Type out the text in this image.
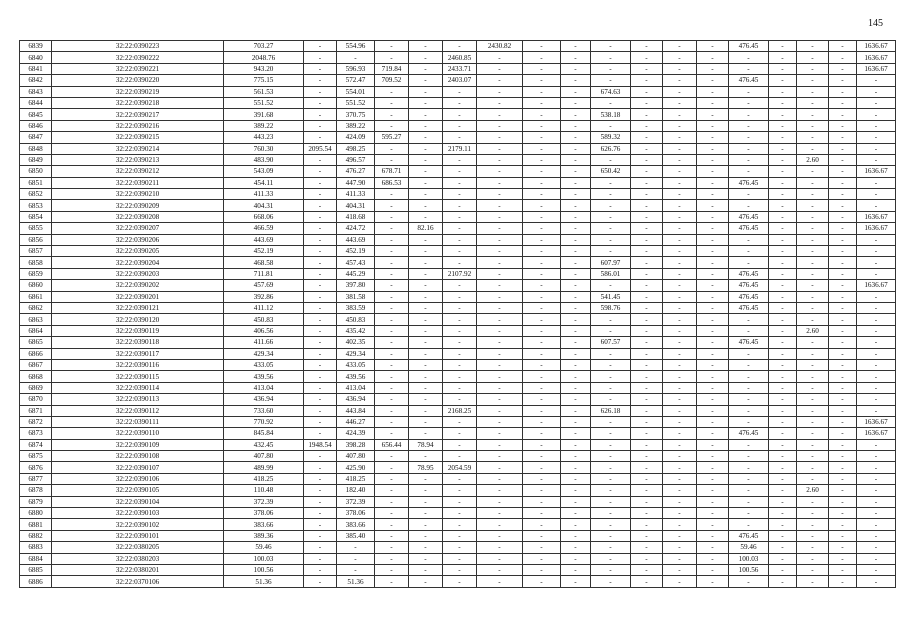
145
6839	32:22:0390223	703.27	-	554.96	-	-	-	2430.82	-	-	-	-	-	-	476.45	-	-	-	1636.67
6840	32:22:0390222	2048.76	-	-	-	-	2460.85	-	-	-	-	-	-	-	-	-	-	-	1636.67
6841	32:22:0390221	943.20	-	596.93	719.84	-	2433.71	-	-	-	-	-	-	-	-	-	-	-	1636.67
6842	32:22:0390220	775.15	-	572.47	709.52	-	2403.07	-	-	-	-	-	-	-	476.45	-	-	-	-
6843	32:22:0390219	561.53	-	554.01	-	-	-	-	-	-	674.63	-	-	-	-	-	-	-	-
6844	32:22:0390218	551.52	-	551.52	-	-	-	-	-	-	-	-	-	-	-	-	-	-	-
6845	32:22:0390217	391.68	-	370.75	-	-	-	-	-	-	538.18	-	-	-	-	-	-	-	-
6846	32:22:0390216	389.22	-	389.22	-	-	-	-	-	-	-	-	-	-	-	-	-	-	-
6847	32:22:0390215	443.23	-	424.09	595.27	-	-	-	-	-	589.32	-	-	-	-	-	-	-	-
6848	32:22:0390214	760.30	2095.54	498.25	-	-	2179.11	-	-	-	626.76	-	-	-	-	-	-	-	-
6849	32:22:0390213	483.90	-	496.57	-	-	-	-	-	-	-	-	-	-	-	-	2.60	-	-
6850	32:22:0390212	543.09	-	476.27	678.71	-	-	-	-	-	650.42	-	-	-	-	-	-	-	1636.67
6851	32:22:0390211	454.11	-	447.90	686.53	-	-	-	-	-	-	-	-	-	476.45	-	-	-	-
6852	32:22:0390210	411.33	-	411.33	-	-	-	-	-	-	-	-	-	-	-	-	-	-	-
6853	32:22:0390209	404.31	-	404.31	-	-	-	-	-	-	-	-	-	-	-	-	-	-	-
6854	32:22:0390208	668.06	-	418.68	-	-	-	-	-	-	-	-	-	-	476.45	-	-	-	1636.67
6855	32:22:0390207	466.59	-	424.72	-	82.16	-	-	-	-	-	-	-	-	476.45	-	-	-	1636.67
6856	32:22:0390206	443.69	-	443.69	-	-	-	-	-	-	-	-	-	-	-	-	-	-	-
6857	32:22:0390205	452.19	-	452.19	-	-	-	-	-	-	-	-	-	-	-	-	-	-	-
6858	32:22:0390204	468.58	-	457.43	-	-	-	-	-	-	607.97	-	-	-	-	-	-	-	-
6859	32:22:0390203	711.81	-	445.29	-	-	2107.92	-	-	-	586.01	-	-	-	476.45	-	-	-	-
6860	32:22:0390202	457.69	-	397.80	-	-	-	-	-	-	-	-	-	-	476.45	-	-	-	1636.67
6861	32:22:0390201	392.86	-	381.58	-	-	-	-	-	-	541.45	-	-	-	476.45	-	-	-	-
6862	32:22:0390121	411.12	-	383.59	-	-	-	-	-	-	598.76	-	-	-	476.45	-	-	-	-
6863	32:22:0390120	450.83	-	450.83	-	-	-	-	-	-	-	-	-	-	-	-	-	-	-
6864	32:22:0390119	406.56	-	435.42	-	-	-	-	-	-	-	-	-	-	-	-	2.60	-	-
6865	32:22:0390118	411.66	-	402.35	-	-	-	-	-	-	607.57	-	-	-	476.45	-	-	-	-
6866	32:22:0390117	429.34	-	429.34	-	-	-	-	-	-	-	-	-	-	-	-	-	-	-
6867	32:22:0390116	433.05	-	433.05	-	-	-	-	-	-	-	-	-	-	-	-	-	-	-
6868	32:22:0390115	439.56	-	439.56	-	-	-	-	-	-	-	-	-	-	-	-	-	-	-
6869	32:22:0390114	413.04	-	413.04	-	-	-	-	-	-	-	-	-	-	-	-	-	-	-
6870	32:22:0390113	436.94	-	436.94	-	-	-	-	-	-	-	-	-	-	-	-	-	-	-
6871	32:22:0390112	733.60	-	443.84	-	-	2168.25	-	-	-	626.18	-	-	-	-	-	-	-	-
6872	32:22:0390111	770.92	-	446.27	-	-	-	-	-	-	-	-	-	-	-	-	-	-	1636.67
6873	32:22:0390110	845.84	-	424.39	-	-	-	-	-	-	-	-	-	-	476.45	-	-	-	1636.67
6874	32:22:0390109	432.45	1948.54	398.28	656.44	78.94	-	-	-	-	-	-	-	-	-	-	-	-	-
6875	32:22:0390108	407.80	-	407.80	-	-	-	-	-	-	-	-	-	-	-	-	-	-	-
6876	32:22:0390107	489.99	-	425.90	-	78.95	2054.59	-	-	-	-	-	-	-	-	-	-	-	-
6877	32:22:0390106	418.25	-	418.25	-	-	-	-	-	-	-	-	-	-	-	-	-	-	-
6878	32:22:0390105	110.48	-	182.40	-	-	-	-	-	-	-	-	-	-	-	-	2.60	-	-
6879	32:22:0390104	372.39	-	372.39	-	-	-	-	-	-	-	-	-	-	-	-	-	-	-
6880	32:22:0390103	378.06	-	378.06	-	-	-	-	-	-	-	-	-	-	-	-	-	-	-
6881	32:22:0390102	383.66	-	383.66	-	-	-	-	-	-	-	-	-	-	-	-	-	-	-
6882	32:22:0390101	389.36	-	385.40	-	-	-	-	-	-	-	-	-	-	476.45	-	-	-	-
6883	32:22:0380205	59.46	-	-	-	-	-	-	-	-	-	-	-	-	59.46	-	-	-	-
6884	32:22:0380203	100.03	-	-	-	-	-	-	-	-	-	-	-	-	100.03	-	-	-	-
6885	32:22:0380201	100.56	-	-	-	-	-	-	-	-	-	-	-	-	100.56	-	-	-	-
6886	32:22:0370106	51.36	-	51.36	-	-	-	-	-	-	-	-	-	-	-	-	-	-	-
